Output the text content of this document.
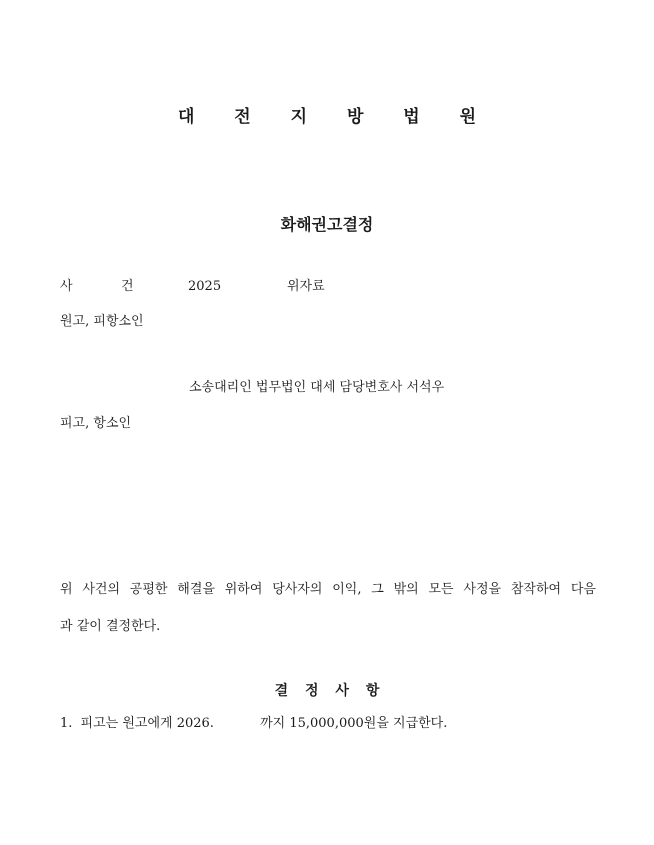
대 전 지 방 법 원
화해권고결정
사	건	2025	위자료
원고, 피항소인
소송대리인 법무법인 대세 담당변호사 서석우
피고, 항소인
위 사건의 공평한 해결을 위하여 당사자의 이익, 그 밖의 모든 사정을 참작하여 다음
과 같이 결정한다.
결 정 사 항
1. 피고는 원고에게 2026.	까지 15,000,000원을 지급한다.
